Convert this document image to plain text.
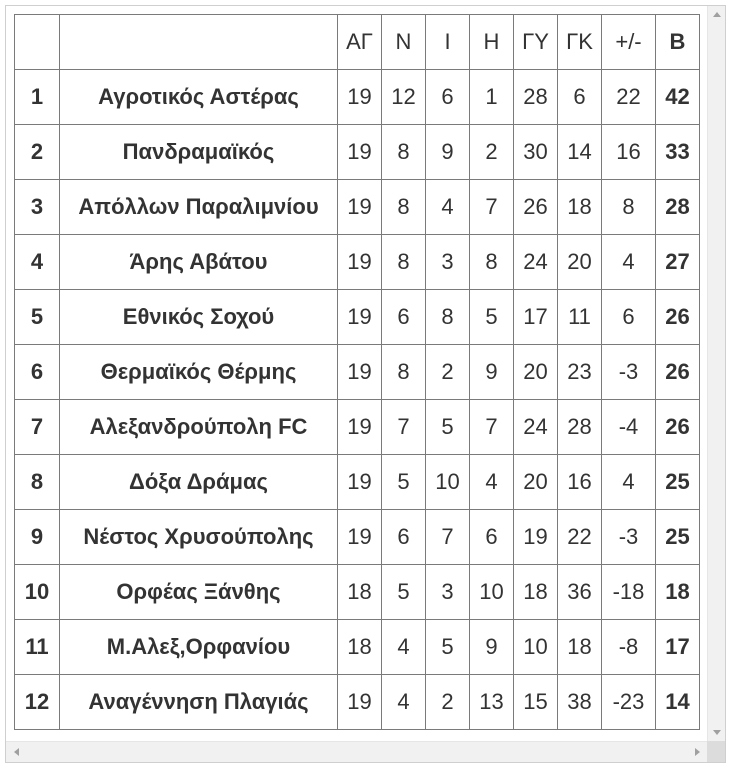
		ΑΓ	Ν	Ι	Η	ΓΥ	ΓΚ	+/-	Β
1	Αγροτικός Αστέρας	19	12	6	1	28	6	22	42
2	Πανδραμαϊκός	19	8	9	2	30	14	16	33
3	Απόλλων Παραλιμνίου	19	8	4	7	26	18	8	28
4	Άρης Αβάτου	19	8	3	8	24	20	4	27
5	Εθνικός Σοχού	19	6	8	5	17	11	6	26
6	Θερμαϊκός Θέρμης	19	8	2	9	20	23	-3	26
7	Αλεξανδρούπολη FC	19	7	5	7	24	28	-4	26
8	Δόξα Δράμας	19	5	10	4	20	16	4	25
9	Νέστος Χρυσούπολης	19	6	7	6	19	22	-3	25
10	Ορφέας Ξάνθης	18	5	3	10	18	36	-18	18
11	Μ.Αλεξ,Ορφανίου	18	4	5	9	10	18	-8	17
12	Αναγέννηση Πλαγιάς	19	4	2	13	15	38	-23	14
